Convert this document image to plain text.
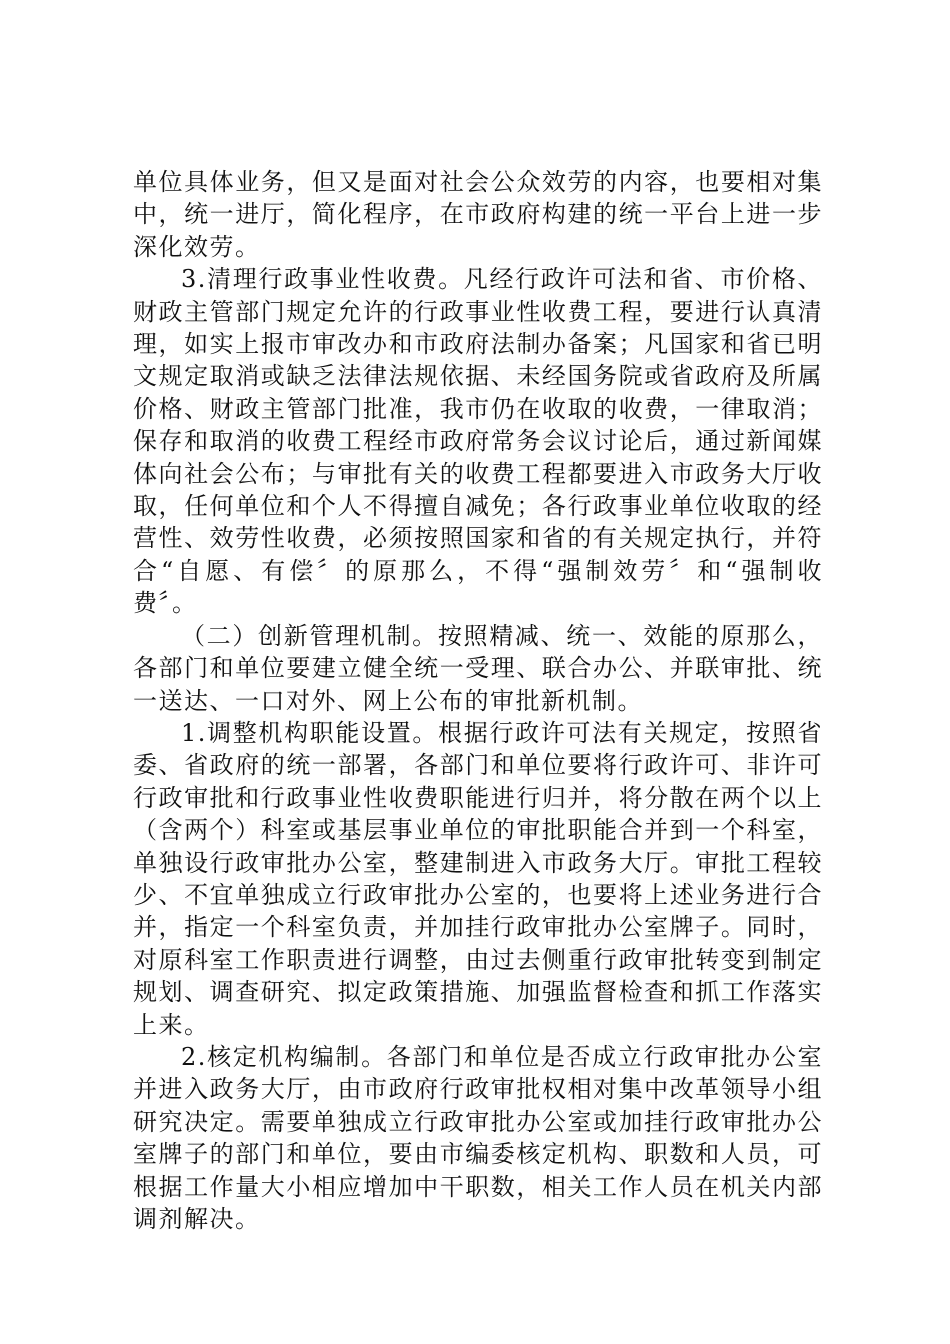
单位具体业务，但又是面对社会公众效劳的内容，也要相对集中，统一进厅，简化程序，在市政府构建的统一平台上进一步深化效劳。

3.清理行政事业性收费。凡经行政许可法和省、市价格、财政主管部门规定允许的行政事业性收费工程，要进行认真清理，如实上报市审改办和市政府法制办备案；凡国家和省已明文规定取消或缺乏法律法规依据、未经国务院或省政府及所属价格、财政主管部门批准，我市仍在收取的收费，一律取消；保存和取消的收费工程经市政府常务会议讨论后，通过新闻媒体向社会公布；与审批有关的收费工程都要进入市政务大厅收取，任何单位和个人不得擅自减免；各行政事业单位收取的经营性、效劳性收费，必须按照国家和省的有关规定执行，并符合“自愿、有偿〞的原那么，不得“强制效劳〞和“强制收费〞。

（二）创新管理机制。按照精减、统一、效能的原那么，各部门和单位要建立健全统一受理、联合办公、并联审批、统一送达、一口对外、网上公布的审批新机制。

1.调整机构职能设置。根据行政许可法有关规定，按照省委、省政府的统一部署，各部门和单位要将行政许可、非许可行政审批和行政事业性收费职能进行归并，将分散在两个以上（含两个）科室或基层事业单位的审批职能合并到一个科室，单独设行政审批办公室，整建制进入市政务大厅。审批工程较少、不宜单独成立行政审批办公室的，也要将上述业务进行合并，指定一个科室负责，并加挂行政审批办公室牌子。同时，对原科室工作职责进行调整，由过去侧重行政审批转变到制定规划、调查研究、拟定政策措施、加强监督检查和抓工作落实上来。

2.核定机构编制。各部门和单位是否成立行政审批办公室并进入政务大厅，由市政府行政审批权相对集中改革领导小组研究决定。需要单独成立行政审批办公室或加挂行政审批办公室牌子的部门和单位，要由市编委核定机构、职数和人员，可根据工作量大小相应增加中干职数，相关工作人员在机关内部调剂解决。
